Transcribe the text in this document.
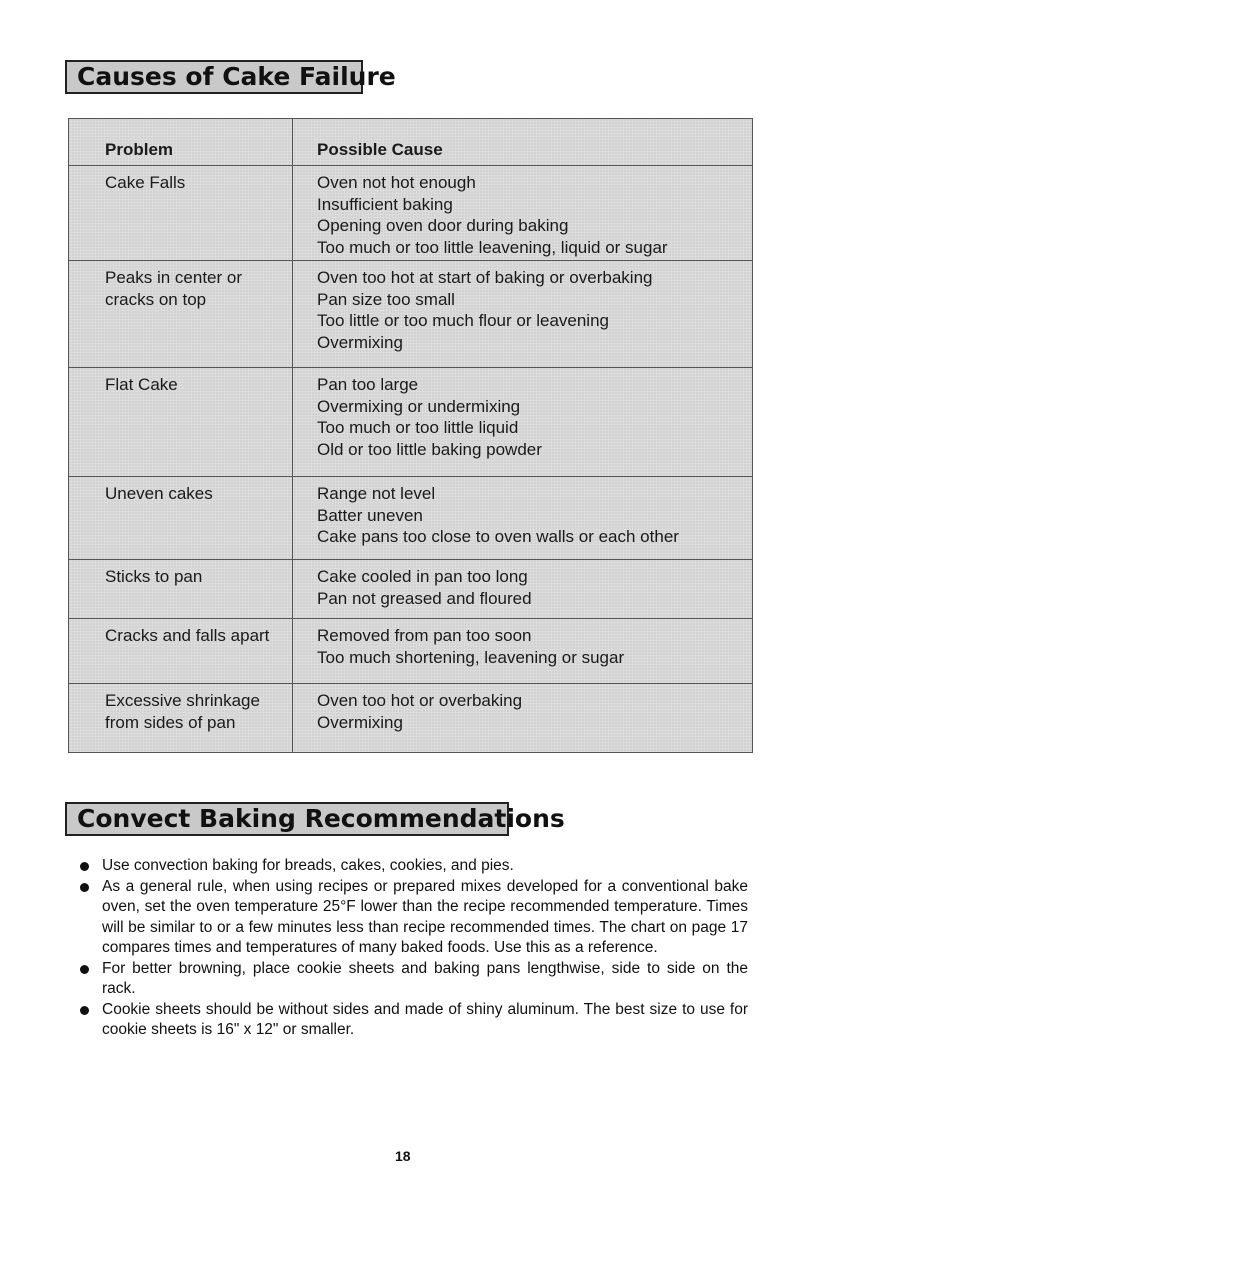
Causes of Cake Failure
Problem	Possible Cause

Cake Falls	Oven not hot enough
Insufficient baking
Opening oven door during baking
Too much or too little leavening, liquid or sugar

Peaks in center or
cracks on top	Oven too hot at start of baking or overbaking
Pan size too small
Too little or too much flour or leavening
Overmixing

Flat Cake	Pan too large
Overmixing or undermixing
Too much or too little liquid
Old or too little baking powder

Uneven cakes	Range not level
Batter uneven
Cake pans too close to oven walls or each other

Sticks to pan	Cake cooled in pan too long
Pan not greased and floured

Cracks and falls apart	Removed from pan too soon
Too much shortening, leavening or sugar

Excessive shrinkage
from sides of pan	Oven too hot or overbaking
Overmixing
Convect Baking Recommendations
Use convection baking for breads, cakes, cookies, and pies.
As a general rule, when using recipes or prepared mixes developed for a conventional bake oven, set the oven temperature 25°F lower than the recipe recommended temperature. Times will be similar to or a few minutes less than recipe recommended times. The chart on page 17 compares times and temperatures of many baked foods. Use this as a reference.
For better browning, place cookie sheets and baking pans lengthwise, side to side on the rack.
Cookie sheets should be without sides and made of shiny aluminum. The best size to use for cookie sheets is 16" x 12" or smaller.
18
